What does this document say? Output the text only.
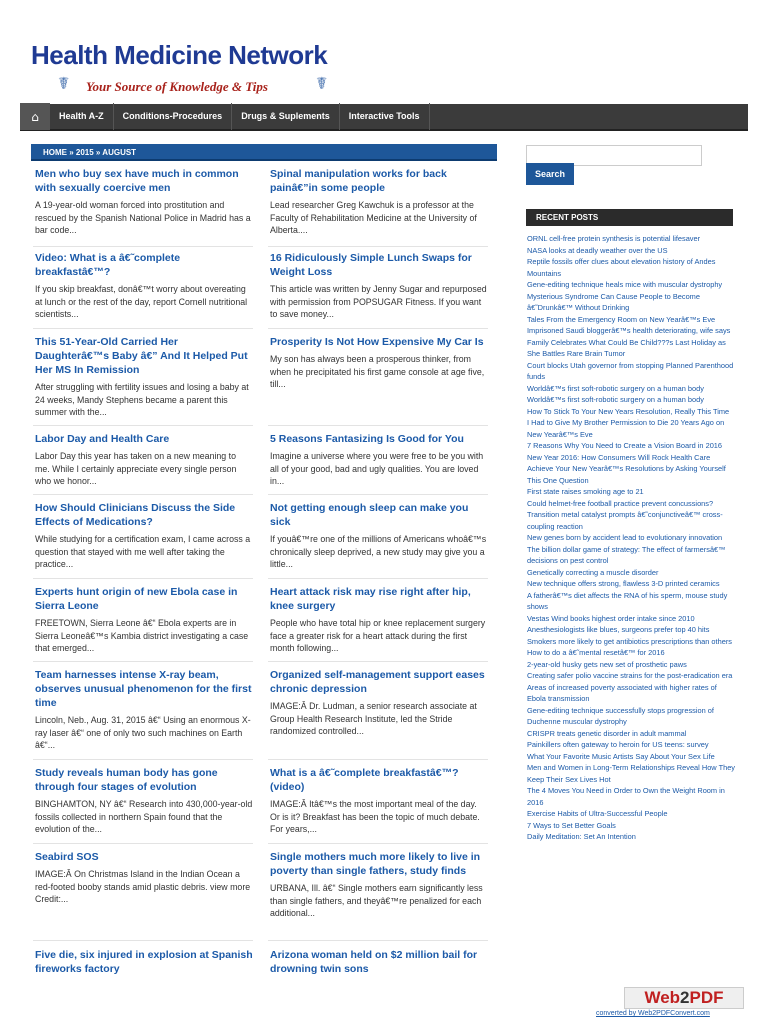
Health Medicine Network
☤ Your Source of Knowledge & Tips	☤
⌂	Health A-Z	Conditions-Procedures	Drugs & Suplements	Interactive Tools
HOME » 2015 » AUGUST
Men who buy sex have much in common with sexually coercive men

A 19-year-old woman forced into prostitution and rescued by the Spanish National Police in Madrid has a bar code...

Video: What is a â€˜complete breakfastâ€™?

If you skip breakfast, donâ€™t worry about overeating at lunch or the rest of the day, report Cornell nutritional scientists...

This 51-Year-Old Carried Her Daughterâ€™s Baby â€” And It Helped Put Her MS In Remission

After struggling with fertility issues and losing a baby at 24 weeks, Mandy Stephens became a parent this summer with the...

Labor Day and Health Care

Labor Day this year has taken on a new meaning to me. While I certainly appreciate every single person who we honor...

How Should Clinicians Discuss the Side Effects of Medications?

While studying for a certification exam, I came across a question that stayed with me well after taking the practice...

Experts hunt origin of new Ebola case in Sierra Leone

FREETOWN, Sierra Leone â€“ Ebola experts are in Sierra Leoneâ€™s Kambia district investigating a case that emerged...

Team harnesses intense X-ray beam, observes unusual phenomenon for the first time

Lincoln, Neb., Aug. 31, 2015 â€“ Using an enormous X-ray laser â€“ one of only two such machines on Earth â€“...

Study reveals human body has gone through four stages of evolution

BINGHAMTON, NY â€“ Research into 430,000-year-old fossils collected in northern Spain found that the evolution of the...

Seabird SOS

IMAGE:Â On Christmas Island in the Indian Ocean a red-footed booby stands amid plastic debris. view more Credit:...

Five die, six injured in explosion at Spanish fireworks factory
Spinal manipulation works for back painâ€”in some people

Lead researcher Greg Kawchuk is a professor at the Faculty of Rehabilitation Medicine at the University of Alberta....

16 Ridiculously Simple Lunch Swaps for Weight Loss

This article was written by Jenny Sugar and repurposed with permission from POPSUGAR Fitness. If you want to save money...

Prosperity Is Not How Expensive My Car Is

My son has always been a prosperous thinker, from when he precipitated his first game console at age five, till...

5 Reasons Fantasizing Is Good for You

Imagine a universe where you were free to be you with all of your good, bad and ugly qualities. You are loved in...

Not getting enough sleep can make you sick

If youâ€™re one of the millions of Americans whoâ€™s chronically sleep deprived, a new study may give you a little...

Heart attack risk may rise right after hip, knee surgery

People who have total hip or knee replacement surgery face a greater risk for a heart attack during the first month following...

Organized self-management support eases chronic depression

IMAGE:Â Dr. Ludman, a senior research associate at Group Health Research Institute, led the Stride randomized controlled...

What is a â€˜complete breakfastâ€™? (video)

IMAGE:Â Itâ€™s the most important meal of the day. Or is it? Breakfast has been the topic of much debate. For years,...

Single mothers much more likely to live in poverty than single fathers, study finds

URBANA, Ill. â€“ Single mothers earn significantly less than single fathers, and theyâ€™re penalized for each additional...

Arizona woman held on $2 million bail for drowning twin sons
Search
RECENT POSTS
ORNL cell-free protein synthesis is potential lifesaver
NASA looks at deadly weather over the US
Reptile fossils offer clues about elevation history of Andes Mountains
Gene-editing technique heals mice with muscular dystrophy
Mysterious Syndrome Can Cause People to Become â€˜Drunkâ€™ Without Drinking
Tales From the Emergency Room on New Yearâ€™s Eve
Imprisoned Saudi bloggerâ€™s health deteriorating, wife says
Family Celebrates What Could Be Child???s Last Holiday as She Battles Rare Brain Tumor
Court blocks Utah governor from stopping Planned Parenthood funds
Worldâ€™s first soft-robotic surgery on a human body
Worldâ€™s first soft-robotic surgery on a human body
How To Stick To Your New Years Resolution, Really This Time
I Had to Give My Brother Permission to Die 20 Years Ago on New Yearâ€™s Eve
7 Reasons Why You Need to Create a Vision Board in 2016
New Year 2016: How Consumers Will Rock Health Care
Achieve Your New Yearâ€™s Resolutions by Asking Yourself This One Question
First state raises smoking age to 21
Could helmet-free football practice prevent concussions?
Transition metal catalyst prompts â€˜conjunctiveâ€™ cross-coupling reaction
New genes born by accident lead to evolutionary innovation
The billion dollar game of strategy: The effect of farmersâ€™ decisions on pest control
Genetically correcting a muscle disorder
New technique offers strong, flawless 3-D printed ceramics
A fatherâ€™s diet affects the RNA of his sperm, mouse study shows
Vestas Wind books highest order intake since 2010
Anesthesiologists like blues, surgeons prefer top 40 hits
Smokers more likely to get antibiotics prescriptions than others
How to do a â€˜mental resetâ€™ for 2016
2-year-old husky gets new set of prosthetic paws
Creating safer polio vaccine strains for the post-eradication era
Areas of increased poverty associated with higher rates of Ebola transmission
Gene-editing technique successfully stops progression of Duchenne muscular dystrophy
CRISPR treats genetic disorder in adult mammal
Painkillers often gateway to heroin for US teens: survey
What Your Favorite Music Artists Say About Your Sex Life
Men and Women in Long-Term Relationships Reveal How They Keep Their Sex Lives Hot
The 4 Moves You Need in Order to Own the Weight Room in 2016
Exercise Habits of Ultra-Successful People
7 Ways to Set Better Goals
Daily Meditation: Set An Intention
Web2PDF
converted by Web2PDFConvert.com
